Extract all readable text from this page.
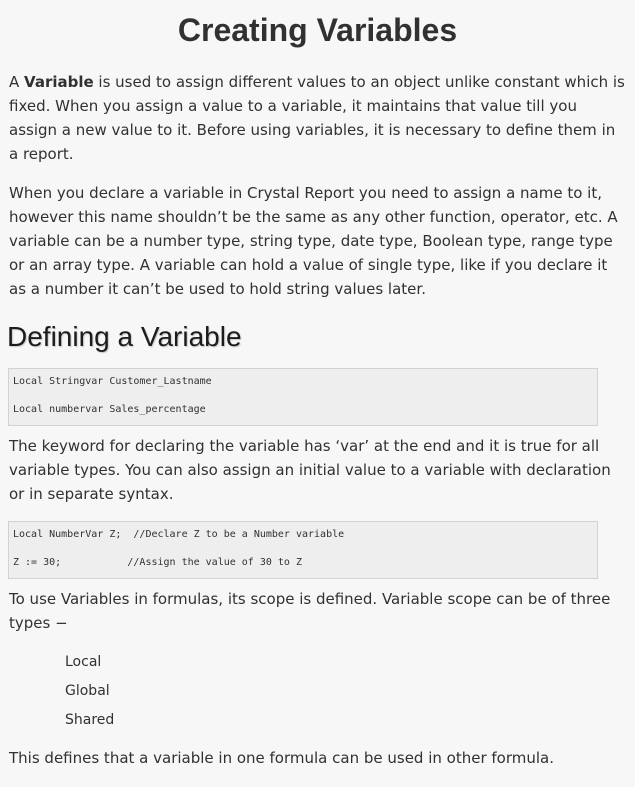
Creating Variables

A Variable is used to assign different values to an object unlike constant which is fixed. When you assign a value to a variable, it maintains that value till you assign a new value to it. Before using variables, it is necessary to define them in a report.

When you declare a variable in Crystal Report you need to assign a name to it, however this name shouldn’t be the same as any other function, operator, etc. A variable can be a number type, string type, date type, Boolean type, range type or an array type. A variable can hold a value of single type, like if you declare it as a number it can’t be used to hold string values later.

Defining a Variable
Local Stringvar Customer_Lastname
Local numbervar Sales_percentage

The keyword for declaring the variable has ‘var’ at the end and it is true for all variable types. You can also assign an initial value to a variable with declaration or in separate syntax.

Local NumberVar Z;  //Declare Z to be a Number variable
Z := 30;           //Assign the value of 30 to Z

To use Variables in formulas, its scope is defined. Variable scope can be of three types −

Local
Global
Shared

This defines that a variable in one formula can be used in other formula.
